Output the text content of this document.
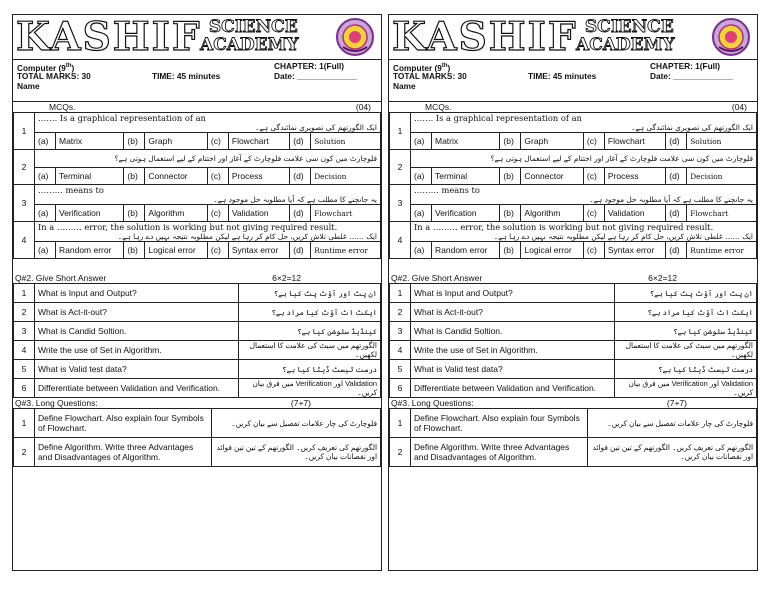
KASHIF SCIENCE
ACADEMY
Computer (9th)	CHAPTER: 1(Full)
TOTAL MARKS: 30	TIME: 45 minutes	Date: _____________
Name
MCQs.	(04)
1	……. Is a graphical representation of an
ایک الگورتھم کی تصویری نمائندگی ہے۔							

	(a)	Matrix	(b)	Graph	(c)	Flowchart	(d)	Solution
2	فلوچارٹ میں کون سی علامت فلوچارٹ کے آغاز اور اختتام کے لیے استعمال ہوتی ہے؟							

	(a)	Terminal	(b)	Connector	(c)	Process	(d)	Decision
3	……… means to
یہ جانچنے کا مطلب ہے کہ آیا مطلوبہ حل موجود ہے۔							

	(a)	Verification	(b)	Algorithm	(c)	Validation	(d)	Flowchart
4	In a ……… error, the solution is working but not giving required result.
ایک …… غلطی تلاش کریں، حل کام کر رہا ہے لیکن مطلوبہ نتیجہ نہیں دے رہا ہے۔							

	(a)	Random error	(b)	Logical error	(c)	Syntax error	(d)	Runtime error
Q#2. Give Short Answer	6×2=12
1	What is Input and Output?	ان پٹ اور آؤٹ پٹ کیا ہے؟
2	What is Act-it-out?	ایکٹ اٹ آؤٹ کیا مراد ہے؟
3	What is Candid Soltion.	کینڈیڈ سلوشن کیا ہے؟
4	Write the use of Set in Algorithm.	الگورتھم میں سیٹ کی علامت کا استعمال لکھیں۔
5	What is Valid test data?	درست ٹیسٹ ڈیٹا کیا ہے؟
6	Differentiate between Validation and Verification.	Validation اور Verification میں فرق بیان کریں۔
Q#3. Long Questions:	(7+7)
1	Define Flowchart. Also explain four Symbols of Flowchart.	فلوچارٹ کی چار علامات تفصیل سے بیان کریں۔
2	Define Algorithm. Write three Advantages and Disadvantages of Algorithm.	الگورتھم کی تعریف کریں۔ الگورتھم کے تین تین فوائد اور نقصانات بیان کریں۔
KASHIF SCIENCE
ACADEMY
Computer (9th)	CHAPTER: 1(Full)
TOTAL MARKS: 30	TIME: 45 minutes	Date: _____________
Name
MCQs.	(04)
1	……. Is a graphical representation of an
ایک الگورتھم کی تصویری نمائندگی ہے۔							

	(a)	Matrix	(b)	Graph	(c)	Flowchart	(d)	Solution
2	فلوچارٹ میں کون سی علامت فلوچارٹ کے آغاز اور اختتام کے لیے استعمال ہوتی ہے؟							

	(a)	Terminal	(b)	Connector	(c)	Process	(d)	Decision
3	……… means to
یہ جانچنے کا مطلب ہے کہ آیا مطلوبہ حل موجود ہے۔							

	(a)	Verification	(b)	Algorithm	(c)	Validation	(d)	Flowchart
4	In a ……… error, the solution is working but not giving required result.
ایک …… غلطی تلاش کریں، حل کام کر رہا ہے لیکن مطلوبہ نتیجہ نہیں دے رہا ہے۔							

	(a)	Random error	(b)	Logical error	(c)	Syntax error	(d)	Runtime error
Q#2. Give Short Answer	6×2=12
1	What is Input and Output?	ان پٹ اور آؤٹ پٹ کیا ہے؟
2	What is Act-it-out?	ایکٹ اٹ آؤٹ کیا مراد ہے؟
3	What is Candid Soltion.	کینڈیڈ سلوشن کیا ہے؟
4	Write the use of Set in Algorithm.	الگورتھم میں سیٹ کی علامت کا استعمال لکھیں۔
5	What is Valid test data?	درست ٹیسٹ ڈیٹا کیا ہے؟
6	Differentiate between Validation and Verification.	Validation اور Verification میں فرق بیان کریں۔
Q#3. Long Questions:	(7+7)
1	Define Flowchart. Also explain four Symbols of Flowchart.	فلوچارٹ کی چار علامات تفصیل سے بیان کریں۔
2	Define Algorithm. Write three Advantages and Disadvantages of Algorithm.	الگورتھم کی تعریف کریں۔ الگورتھم کے تین تین فوائد اور نقصانات بیان کریں۔
